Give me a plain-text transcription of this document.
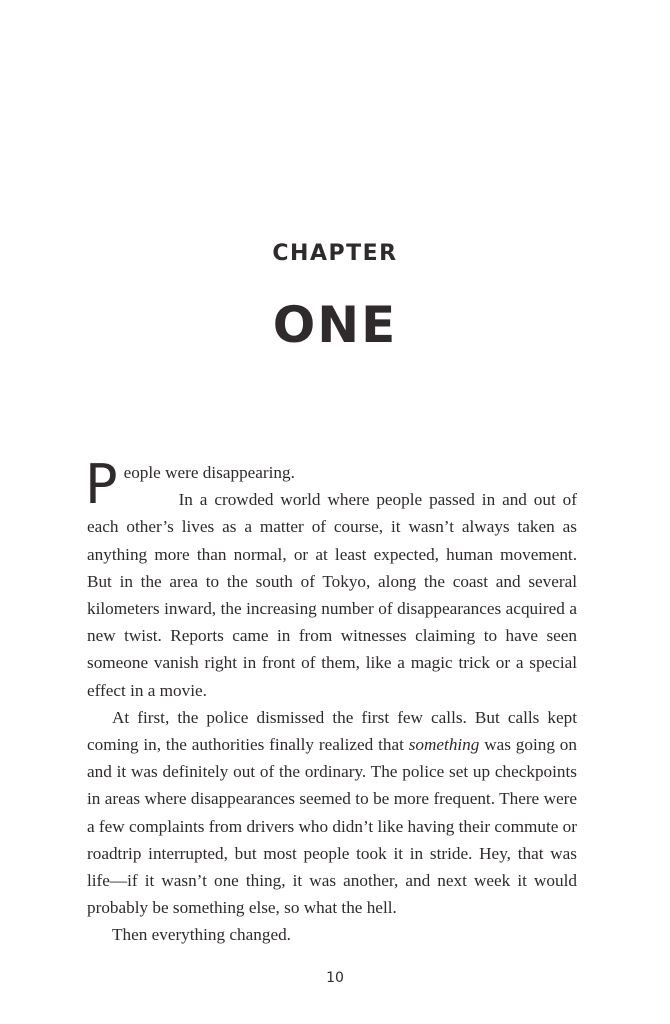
CHAPTER
ONE

People were disappearing.

In a crowded world where people passed in and out of each other’s lives as a matter of course, it wasn’t always taken as anything more than normal, or at least expected, human movement. But in the area to the south of Tokyo, along the coast and several kilometers inward, the increasing number of disappearances acquired a new twist. Reports came in from witnesses claiming to have seen someone vanish right in front of them, like a magic trick or a special effect in a movie.

At first, the police dismissed the first few calls. But calls kept coming in, the authorities finally realized that something was going on and it was definitely out of the ordinary. The police set up checkpoints in areas where disappearances seemed to be more frequent. There were a few complaints from drivers who didn’t like having their commute or roadtrip interrupted, but most people took it in stride. Hey, that was life—if it wasn’t one thing, it was another, and next week it would probably be something else, so what the hell.

Then everything changed.

10
